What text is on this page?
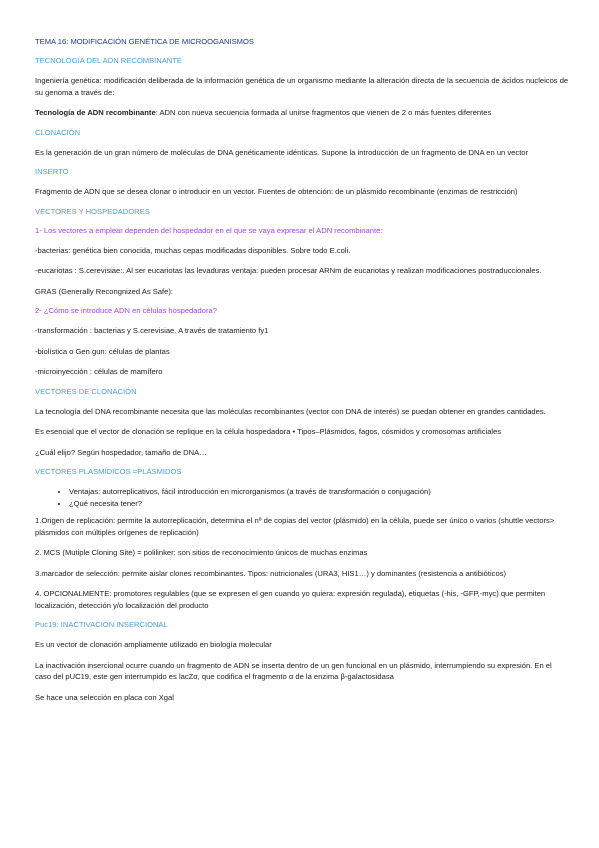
TEMA 16: MODIFICACIÓN GENÉTICA DE MICROOGANISMOS
TECNOLOGÍA DEL ADN RECOMBINANTE

Ingeniería genética: modificación deliberada de la información genética de un organismo mediante la alteración directa de la secuencia de ácidos nucleicos de su genoma a través de:

Tecnología de ADN recombinante: ADN con nueva secuencia formada al unirse fragmentos que vienen de 2 o más fuentes diferentes

CLONACIÓN

Es la generación de un gran número de moléculas de DNA genéticamente idénticas. Supone la introducción de un fragmento de DNA en un vector

INSERTO

Fragmento de ADN que se desea clonar o introducir en un vector. Fuentes de obtención: de un plásmido recombinante (enzimas de restricción)

VECTORES Y HOSPEDADORES
1- Los vectores a emplear dependen del hospedador en el que se vaya expresar el ADN recombinante:

-bacterias: genética bien conocida, muchas cepas modificadas disponibles. Sobre todo E.coli.

-eucariotas : S.cerevisiae:. Al ser eucariotas las levaduras ventaja: pueden procesar ARNm de eucariotas y realizan modificaciones postraduccionales.

GRAS (Generally Recongnized As Safe):

2- ¿Cómo se introduce ADN en células hospedadora?

-transformación : bacterias y S.cerevisiae. A través de tratamiento fy1

-biolística o Gen gun: células de plantas

-microinyección : células de mamífero

VECTORES DE CLONACIÓN

La tecnología del DNA recombinante necesita que las moléculas recombinantes (vector con DNA de interés) se puedan obtener en grandes cantidades.

Es esencial que el vector de clonación se replique en la célula hospedadora • Tipos–Plásmidos, fagos, cósmidos y cromosomas artificiales

¿Cuál elijo? Según hospedador, tamaño de DNA…

VECTORES PLASMÍDICOS =PLÁSMIDOS
• Ventajas: autorreplicativos, fácil introducción en microrganismos (a través de transformación o conjugación)
• ¿Qué necesita tener?

1.Origen de replicación: permite la autorreplicación, determina el nº de copias del vector (plásmido) en la célula, puede ser único o varios (shuttle vectors> plásmidos con múltiples orígenes de replicación)

2. MCS (Mutiple Cloning Site) = polilinker: son sitios de reconocimiento únicos de muchas enzimas

3.marcador de selección: permite aislar clones recombinantes. Tipos: nutricionales (URA3, HIS1…) y dominantes (resistencia a antibióticos)

4. OPCIONALMENTE: promotores regulables (que se expresen el gen cuando yo quiera: expresión regulada), etiquetas (-his, -GFP,-myc) que permiten localización, detección y/o localización del producto

Puc19: INACTIVACIÓN INSERCIONAL

Es un vector de clonación ampliamente utilizado en biología molecular

La inactivación insercional ocurre cuando un fragmento de ADN se inserta dentro de un gen funcional en un plásmido, interrumpiendo su expresión. En el caso del pUC19, este gen interrumpido es lacZα, que codifica el fragmento α de la enzima β-galactosidasa

Se hace una selección en placa con Xgal
